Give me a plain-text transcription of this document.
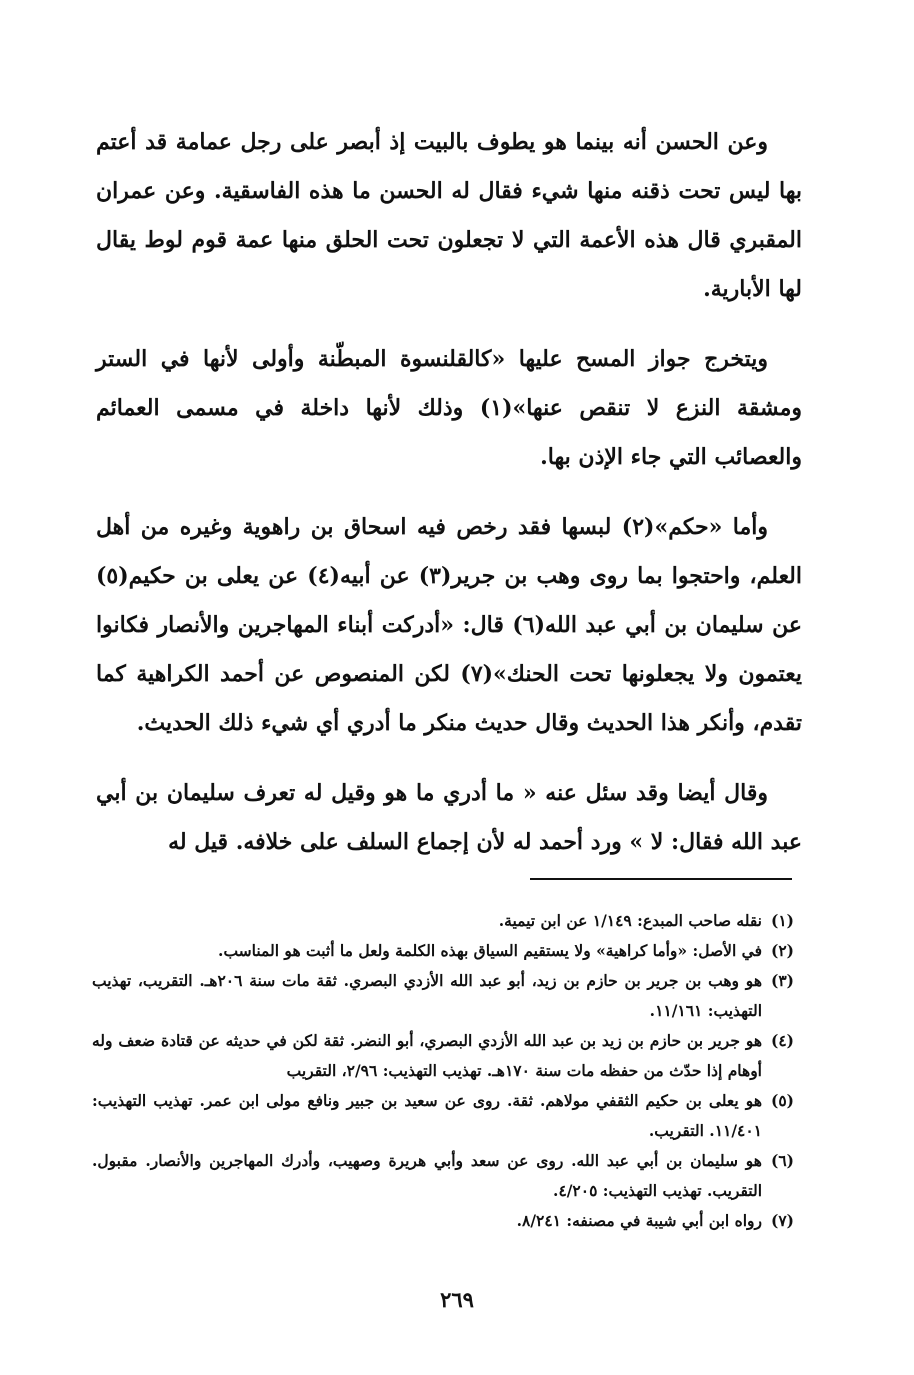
وعن الحسن أنه بينما هو يطوف بالبيت إذ أبصر على رجل عمامة قد أعتم بها ليس تحت ذقنه منها شيء فقال له الحسن ما هذه الفاسقية. وعن عمران المقبري قال هذه الأعمة التي لا تجعلون تحت الحلق منها عمة قوم لوط يقال لها الأبارية.

ويتخرج جواز المسح عليها «كالقلنسوة المبطّنة وأولى لأنها في الستر ومشقة النزع لا تنقص عنها»(١) وذلك لأنها داخلة في مسمى العمائم والعصائب التي جاء الإذن بها.

وأما «حكم»(٢) لبسها فقد رخص فيه اسحاق بن راهوية وغيره من أهل العلم، واحتجوا بما روى وهب بن جرير(٣) عن أبيه(٤) عن يعلى بن حكيم(٥) عن سليمان بن أبي عبد الله(٦) قال: «أدركت أبناء المهاجرين والأنصار فكانوا يعتمون ولا يجعلونها تحت الحنك»(٧) لكن المنصوص عن أحمد الكراهية كما تقدم، وأنكر هذا الحديث وقال حديث منكر ما أدري أي شيء ذلك الحديث.

وقال أيضا وقد سئل عنه « ما أدري ما هو وقيل له تعرف سليمان بن أبي عبد الله فقال: لا » ورد أحمد له لأن إجماع السلف على خلافه. قيل له

(١)
نقله صاحب المبدع: ١/١٤٩ عن ابن تيمية.
(٢)
في الأصل: «وأما كراهية» ولا يستقيم السياق بهذه الكلمة ولعل ما أثبت هو المناسب.
(٣)
هو وهب بن جرير بن حازم بن زيد، أبو عبد الله الأزدي البصري. ثقة مات سنة ٢٠٦هـ. التقريب، تهذيب التهذيب: ١١/١٦١.
(٤)
هو جرير بن حازم بن زيد بن عبد الله الأزدي البصري، أبو النضر. ثقة لكن في حديثه عن قتادة ضعف وله أوهام إذا حدّث من حفظه مات سنة ١٧٠هـ. تهذيب التهذيب: ٢/٩٦، التقريب
(٥)
هو يعلى بن حكيم الثقفي مولاهم. ثقة. روى عن سعيد بن جبير ونافع مولى ابن عمر. تهذيب التهذيب: ١١/٤٠١. التقريب.
(٦)
هو سليمان بن أبي عبد الله. روى عن سعد وأبي هريرة وصهيب، وأدرك المهاجرين والأنصار. مقبول. التقريب. تهذيب التهذيب: ٤/٢٠٥.
(٧)
رواه ابن أبي شيبة في مصنفه: ٨/٢٤١.
٢٦٩
